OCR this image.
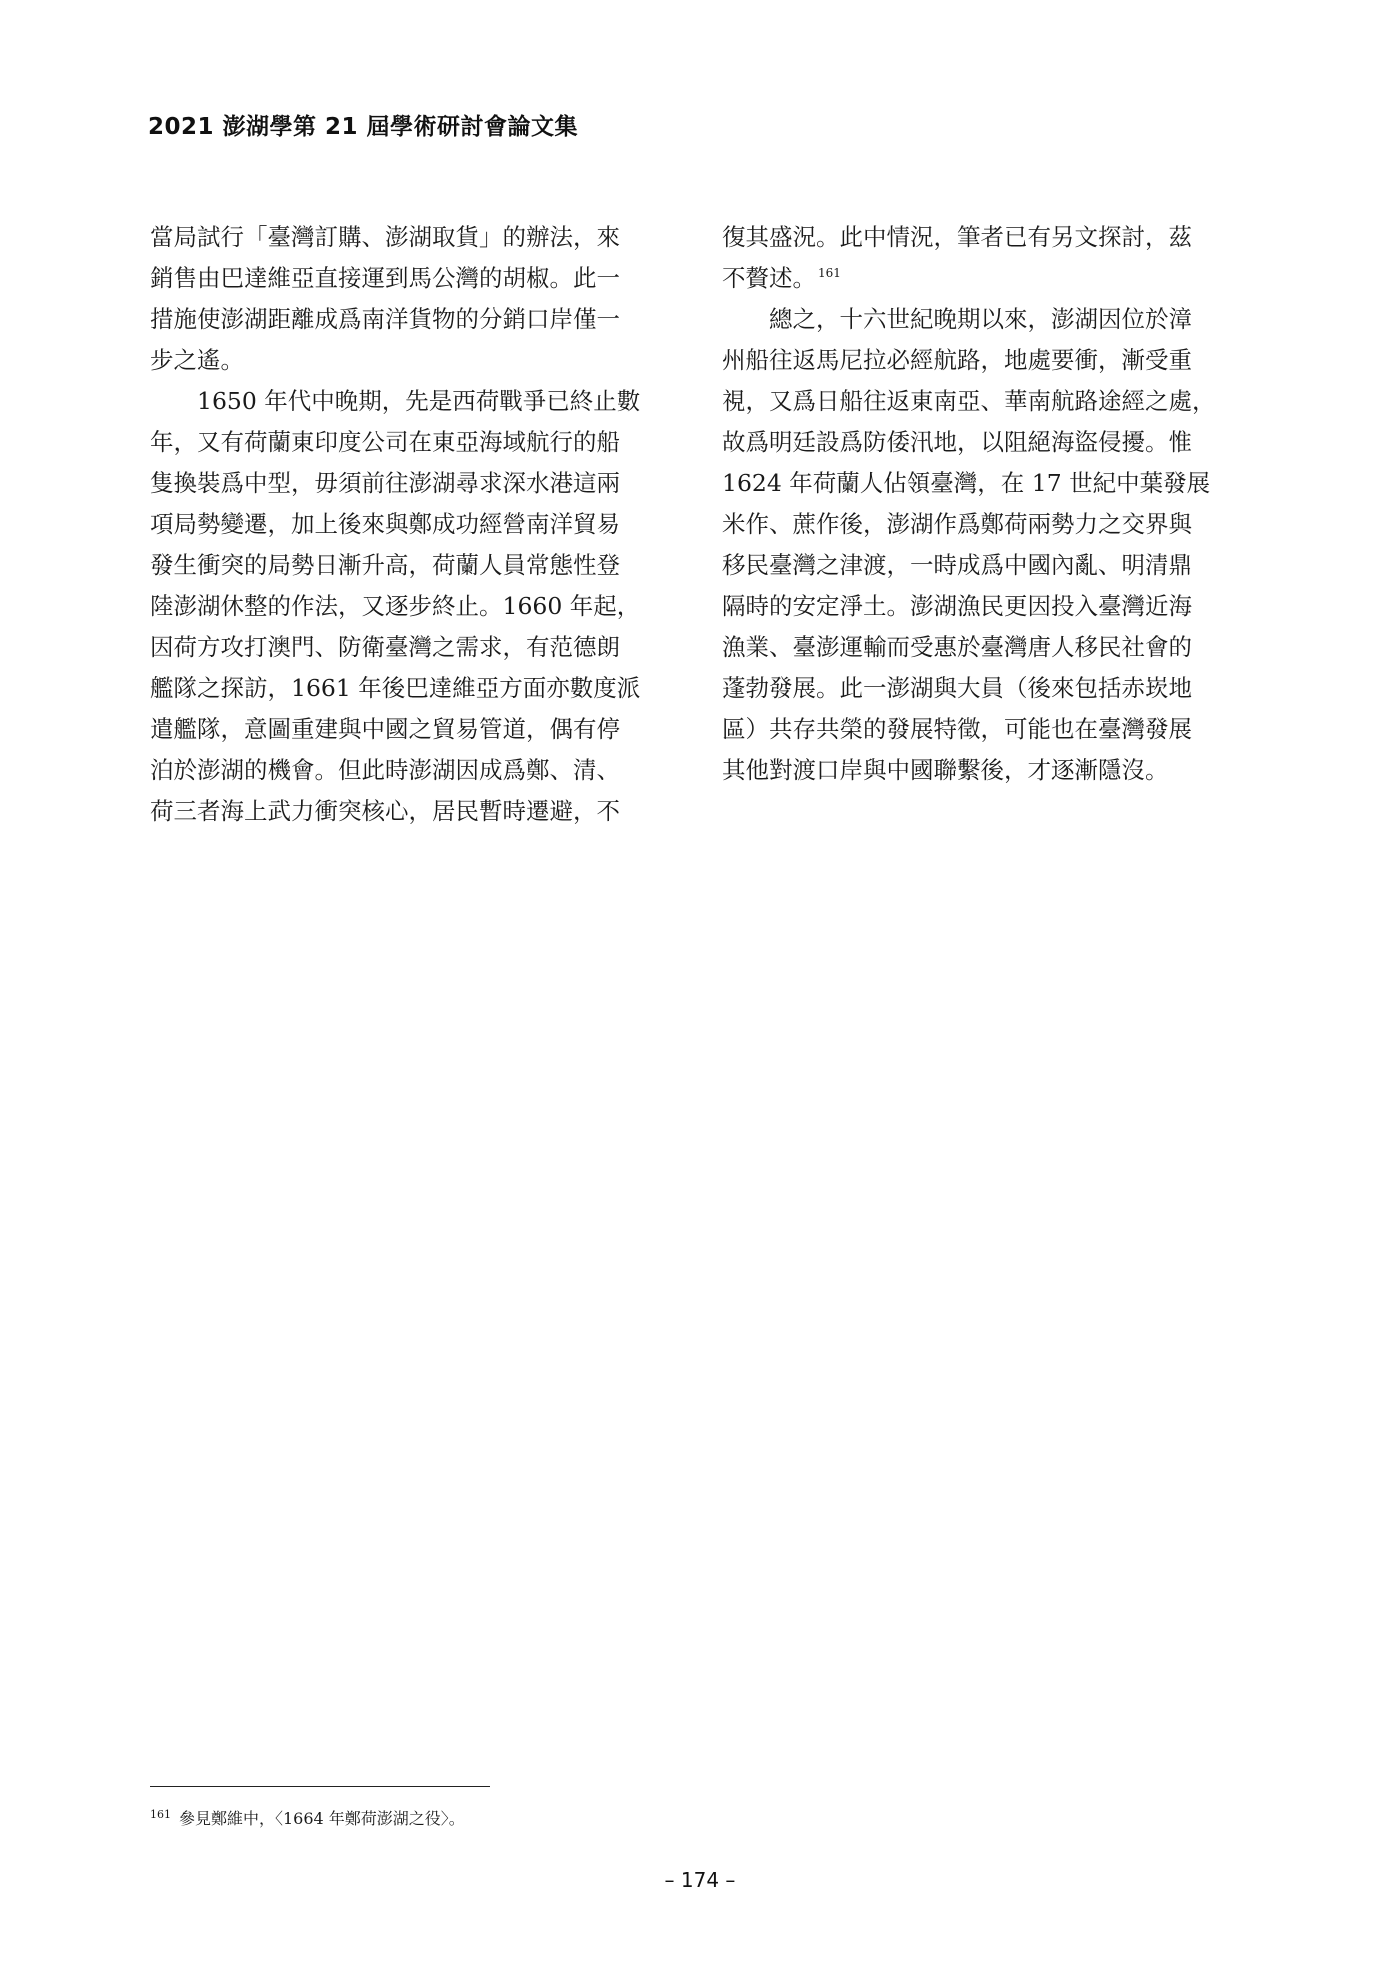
2021 澎湖學第 21 屆學術研討會論文集

當局試行「臺灣訂購、澎湖取貨」的辦法，來
銷售由巴達維亞直接運到馬公灣的胡椒。此一
措施使澎湖距離成爲南洋貨物的分銷口岸僅一
步之遙。

1650 年代中晚期，先是西荷戰爭已終止數
年，又有荷蘭東印度公司在東亞海域航行的船
隻換裝爲中型，毋須前往澎湖尋求深水港這兩
項局勢變遷，加上後來與鄭成功經營南洋貿易
發生衝突的局勢日漸升高，荷蘭人員常態性登
陸澎湖休整的作法，又逐步終止。1660 年起，
因荷方攻打澳門、防衛臺灣之需求，有范德朗
艦隊之探訪，1661 年後巴達維亞方面亦數度派
遣艦隊，意圖重建與中國之貿易管道，偶有停
泊於澎湖的機會。但此時澎湖因成爲鄭、清、
荷三者海上武力衝突核心，居民暫時遷避，不

復其盛況。此中情況，筆者已有另文探討，茲
不贅述。 $^{161}$

總之，十六世紀晚期以來，澎湖因位於漳
州船往返馬尼拉必經航路，地處要衝，漸受重
視，又爲日船往返東南亞、華南航路途經之處，
故爲明廷設爲防倭汛地，以阻絕海盜侵擾。惟
1624 年荷蘭人佔領臺灣，在 17 世紀中葉發展
米作、蔗作後，澎湖作爲鄭荷兩勢力之交界與
移民臺灣之津渡，一時成爲中國內亂、明清鼎
隔時的安定淨土。澎湖漁民更因投入臺灣近海
漁業、臺澎運輸而受惠於臺灣唐人移民社會的
蓬勃發展。此一澎湖與大員（後來包括赤崁地
區）共存共榮的發展特徵，可能也在臺灣發展
其他對渡口岸與中國聯繫後，才逐漸隱沒。

$^{161}$ 參見鄭維中，〈1664 年鄭荷澎湖之役〉。
– 174 –
